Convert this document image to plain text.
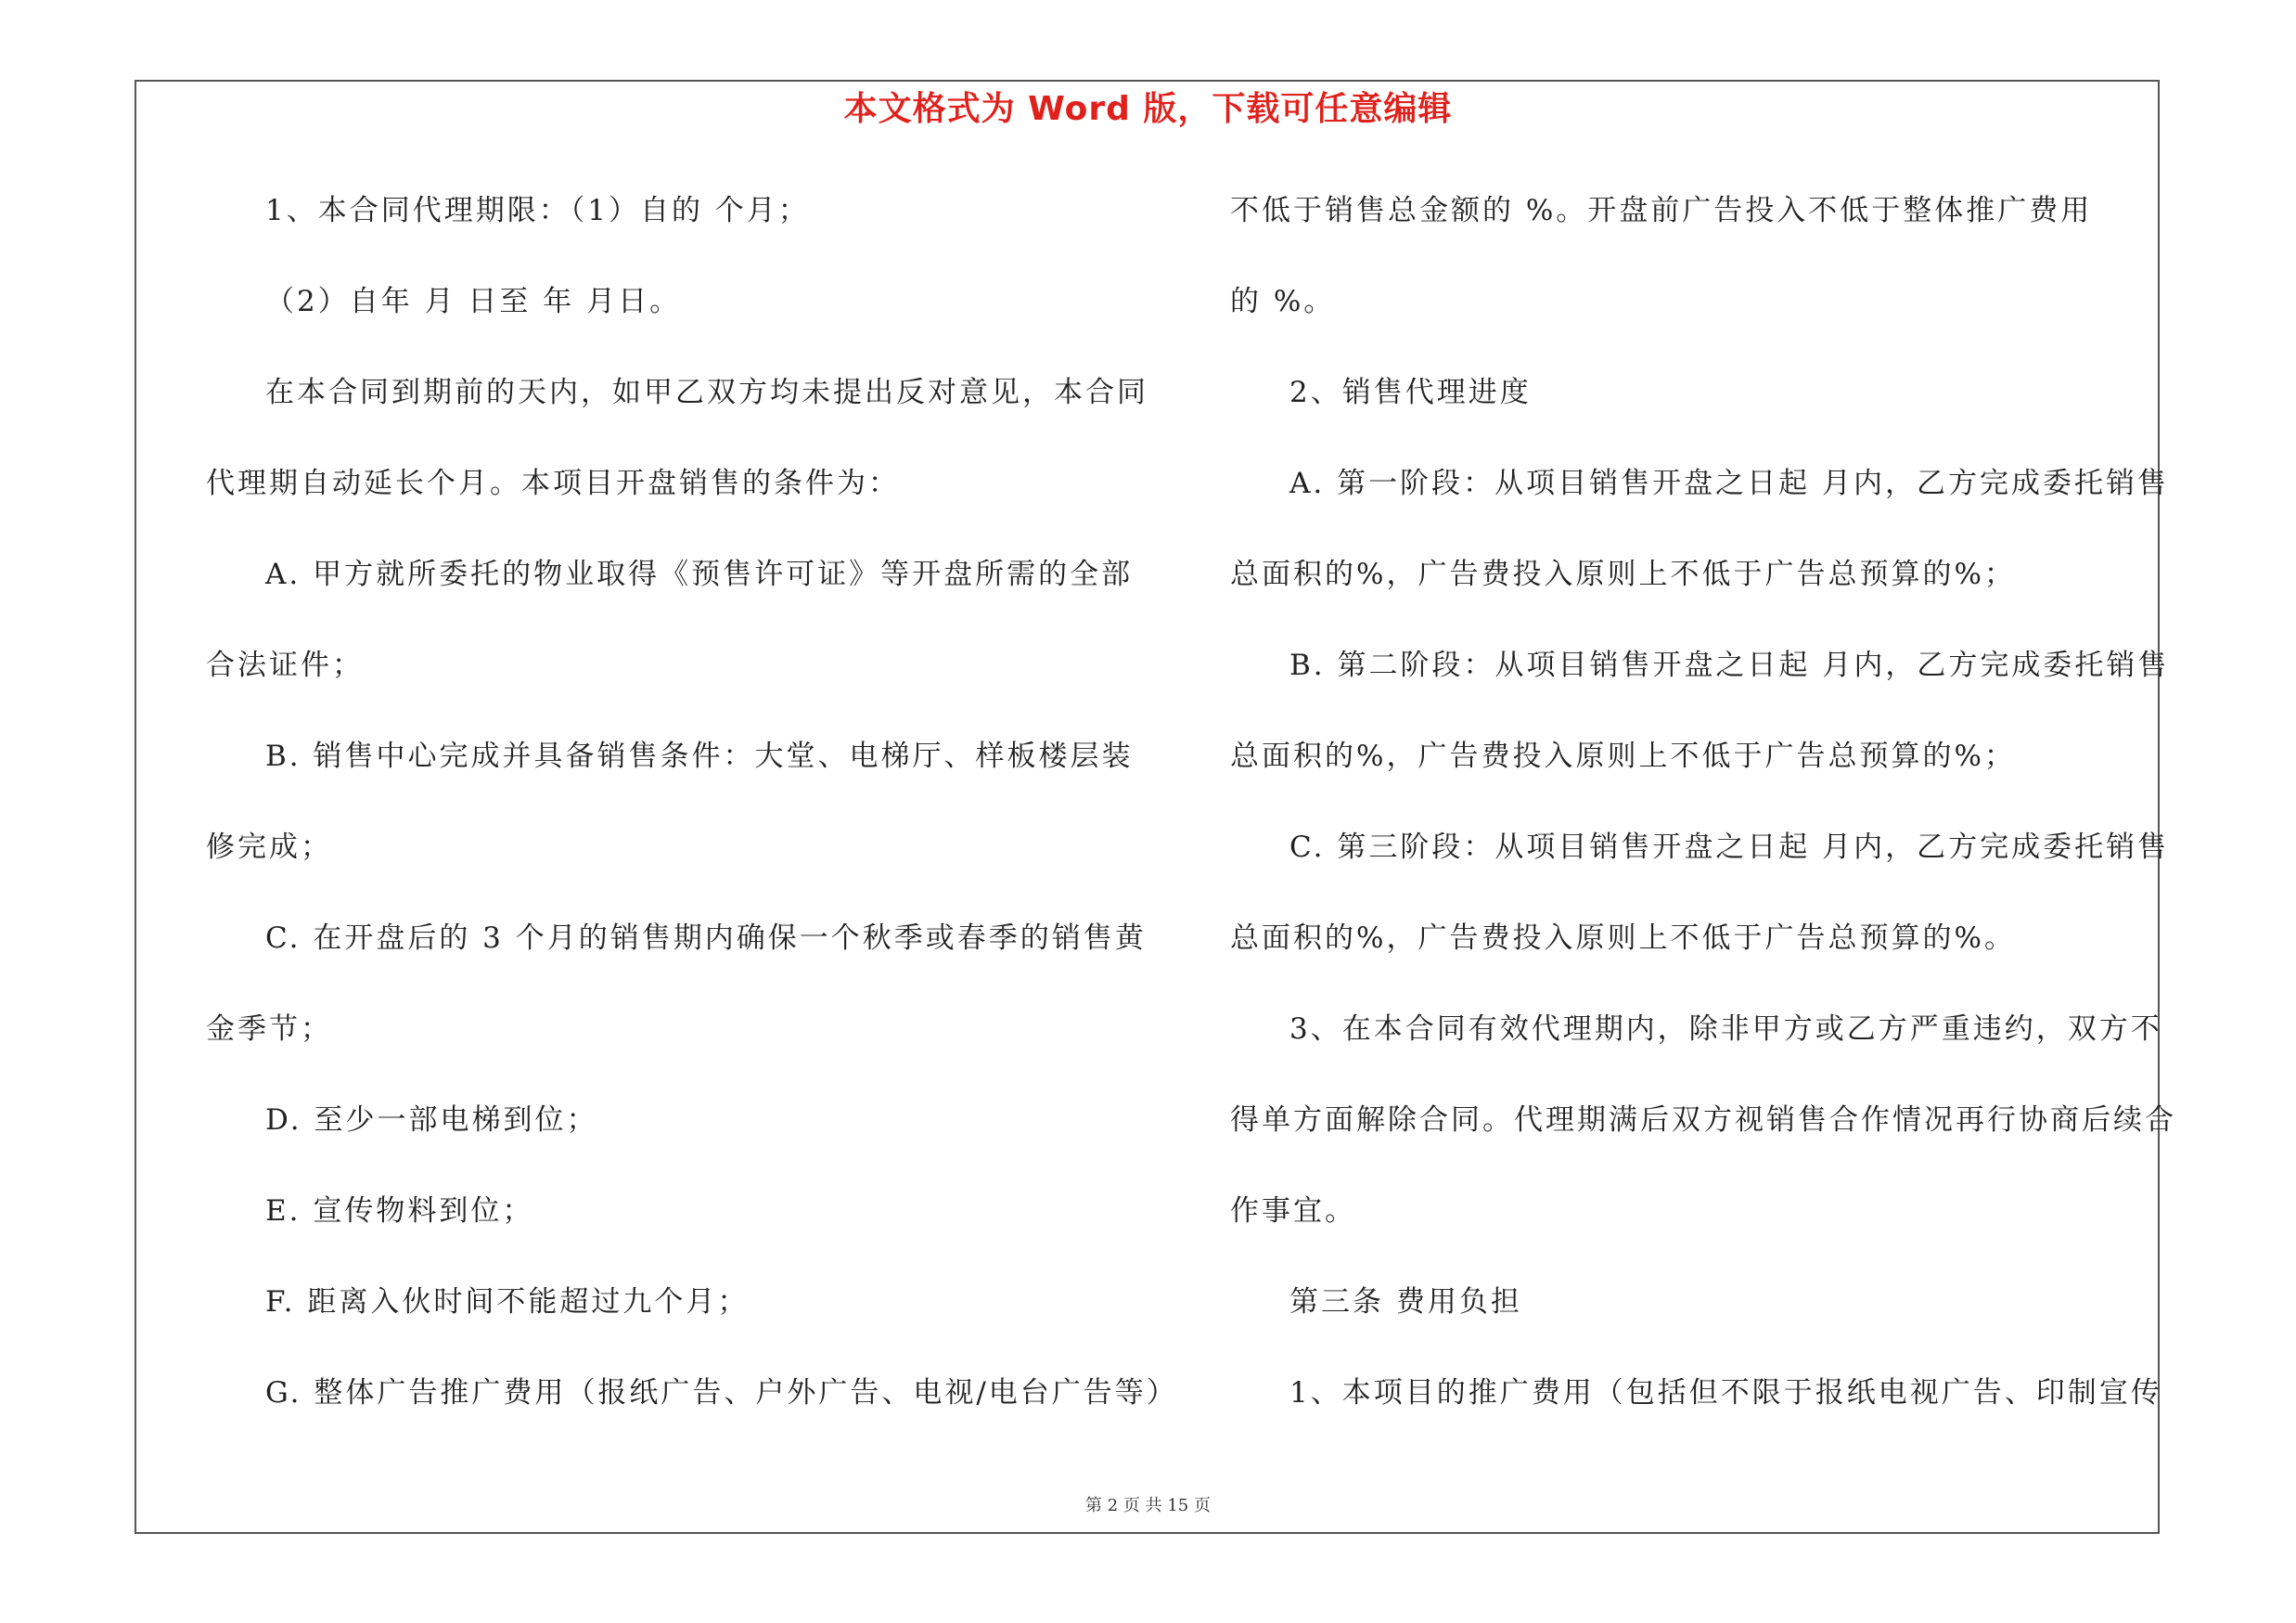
本文格式为 Word 版，下载可任意编辑
1、本合同代理期限：（1）自的 个月；
（2）自年 月 日至 年 月日。
在本合同到期前的天内，如甲乙双方均未提出反对意见，本合同
代理期自动延长个月。本项目开盘销售的条件为：
A. 甲方就所委托的物业取得《预售许可证》等开盘所需的全部
合法证件；
B. 销售中心完成并具备销售条件：大堂、电梯厅、样板楼层装
修完成；
C. 在开盘后的 3 个月的销售期内确保一个秋季或春季的销售黄
金季节；
D. 至少一部电梯到位；
E. 宣传物料到位；
F. 距离入伙时间不能超过九个月；
G. 整体广告推广费用（报纸广告、户外广告、电视/电台广告等）
不低于销售总金额的 %。开盘前广告投入不低于整体推广费用
的 %。
2、销售代理进度
A. 第一阶段：从项目销售开盘之日起 月内，乙方完成委托销售
总面积的%，广告费投入原则上不低于广告总预算的%；
B. 第二阶段：从项目销售开盘之日起 月内，乙方完成委托销售
总面积的%，广告费投入原则上不低于广告总预算的%；
C. 第三阶段：从项目销售开盘之日起 月内，乙方完成委托销售
总面积的%，广告费投入原则上不低于广告总预算的%。
3、在本合同有效代理期内，除非甲方或乙方严重违约，双方不
得单方面解除合同。代理期满后双方视销售合作情况再行协商后续合
作事宜。
第三条 费用负担
1、本项目的推广费用（包括但不限于报纸电视广告、印制宣传
第 2 页 共 15 页
